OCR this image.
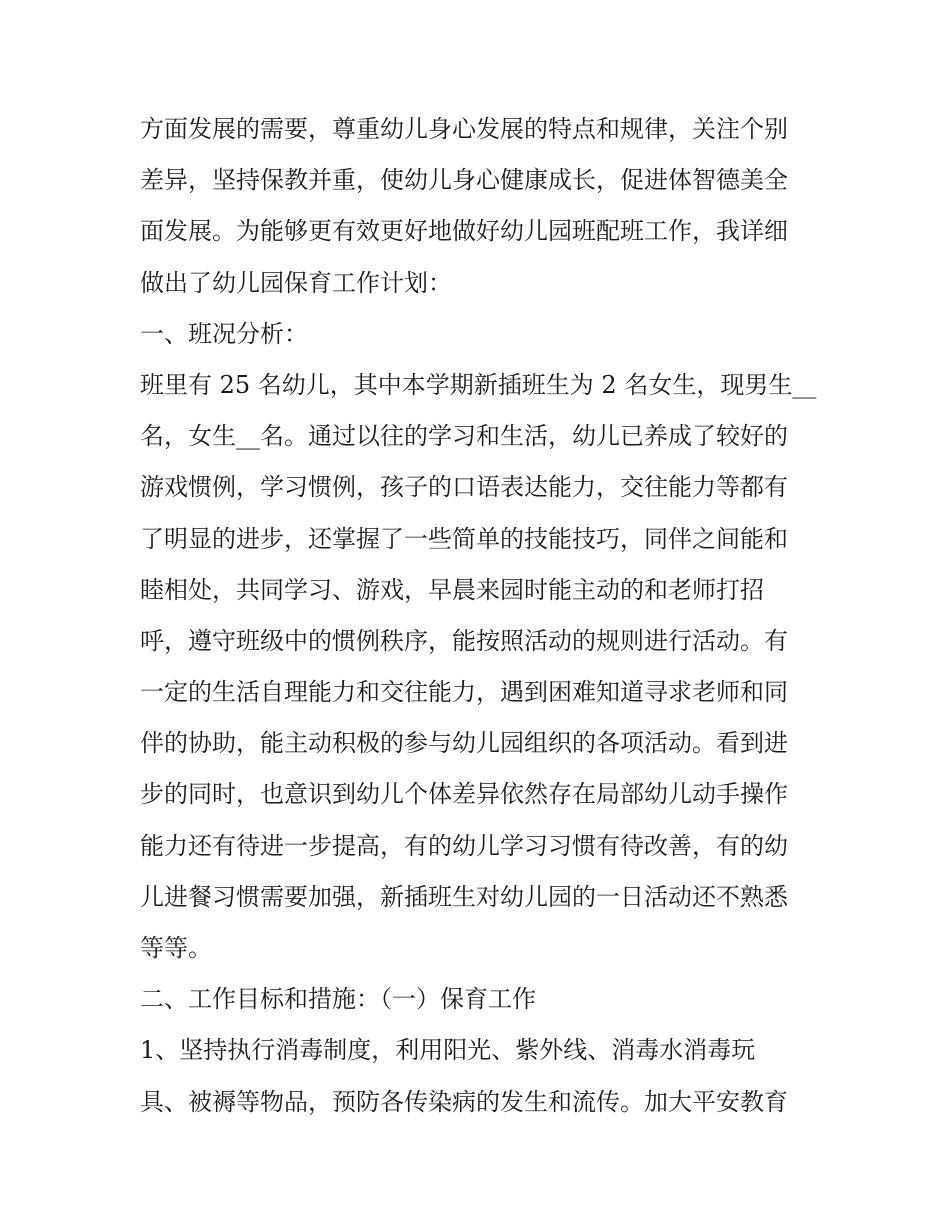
方面发展的需要，尊重幼儿身心发展的特点和规律，关注个别
差异，坚持保教并重，使幼儿身心健康成长，促进体智德美全
面发展。为能够更有效更好地做好幼儿园班配班工作，我详细
做出了幼儿园保育工作计划：
一、班况分析：
班里有 25 名幼儿，其中本学期新插班生为 2 名女生，现男生__
名，女生__名。通过以往的学习和生活，幼儿已养成了较好的
游戏惯例，学习惯例，孩子的口语表达能力，交往能力等都有
了明显的进步，还掌握了一些简单的技能技巧，同伴之间能和
睦相处，共同学习、游戏，早晨来园时能主动的和老师打招
呼，遵守班级中的惯例秩序，能按照活动的规则进行活动。有
一定的生活自理能力和交往能力，遇到困难知道寻求老师和同
伴的协助，能主动积极的参与幼儿园组织的各项活动。看到进
步的同时，也意识到幼儿个体差异依然存在局部幼儿动手操作
能力还有待进一步提高，有的幼儿学习习惯有待改善，有的幼
儿进餐习惯需要加强，新插班生对幼儿园的一日活动还不熟悉
等等。
二、工作目标和措施：（一）保育工作
1、坚持执行消毒制度，利用阳光、紫外线、消毒水消毒玩
具、被褥等物品，预防各传染病的发生和流传。加大平安教育
